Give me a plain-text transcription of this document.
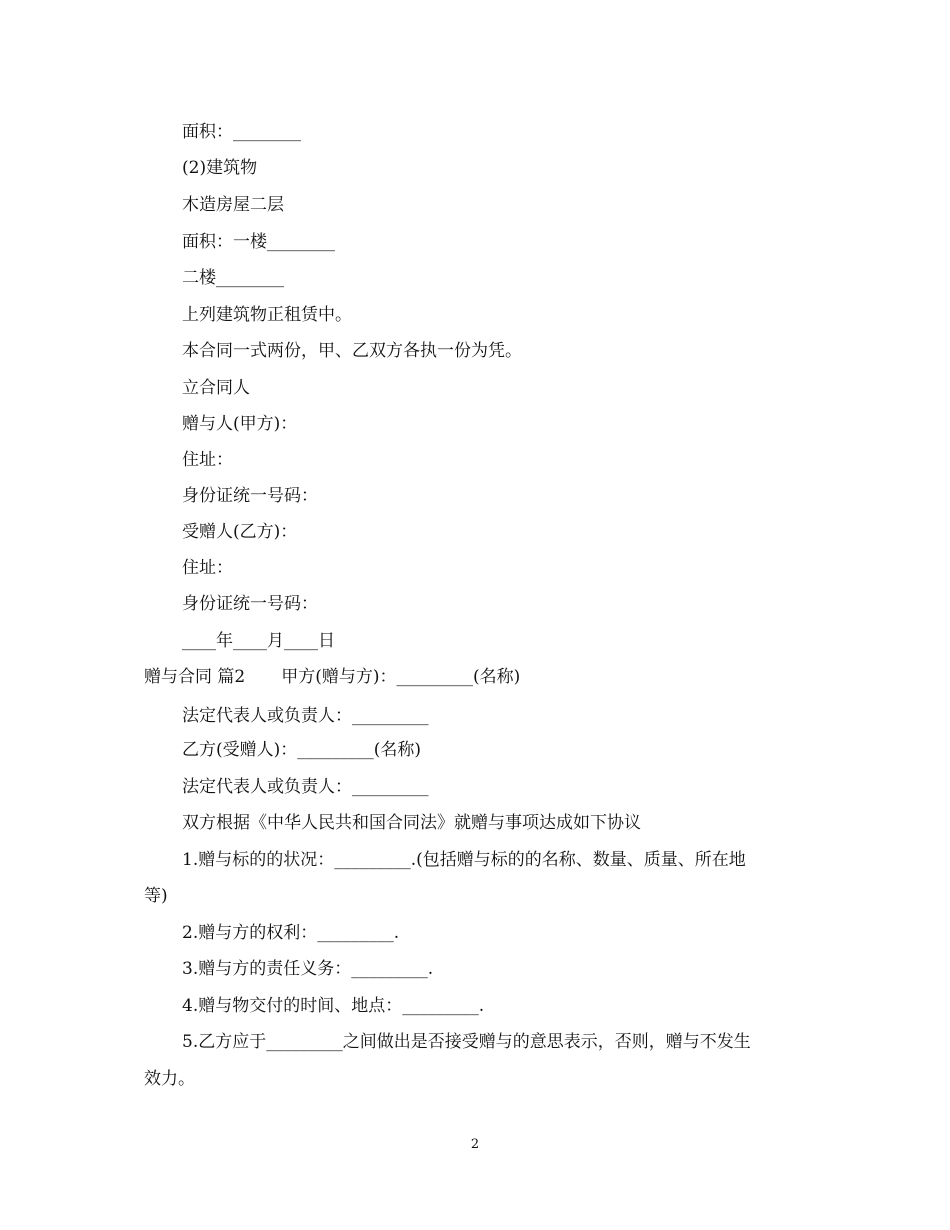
面积：________
(2)建筑物
木造房屋二层
面积：一楼________
二楼________
上列建筑物正租赁中。
本合同一式两份，甲、乙双方各执一份为凭。
立合同人
赠与人(甲方)：
住址：
身份证统一号码：
受赠人(乙方)：
住址：
身份证统一号码：
____年____月____日
赠与合同 篇2 甲方(赠与方)：_________(名称)
法定代表人或负责人：_________
乙方(受赠人)：_________(名称)
法定代表人或负责人：_________
双方根据《中华人民共和国合同法》就赠与事项达成如下协议
1.赠与标的的状况：_________.(包括赠与标的的名称、数量、质量、所在地
等)
2.赠与方的权利：_________.
3.赠与方的责任义务：_________.
4.赠与物交付的时间、地点：_________.
5.乙方应于_________之间做出是否接受赠与的意思表示，否则，赠与不发生
效力。
2
